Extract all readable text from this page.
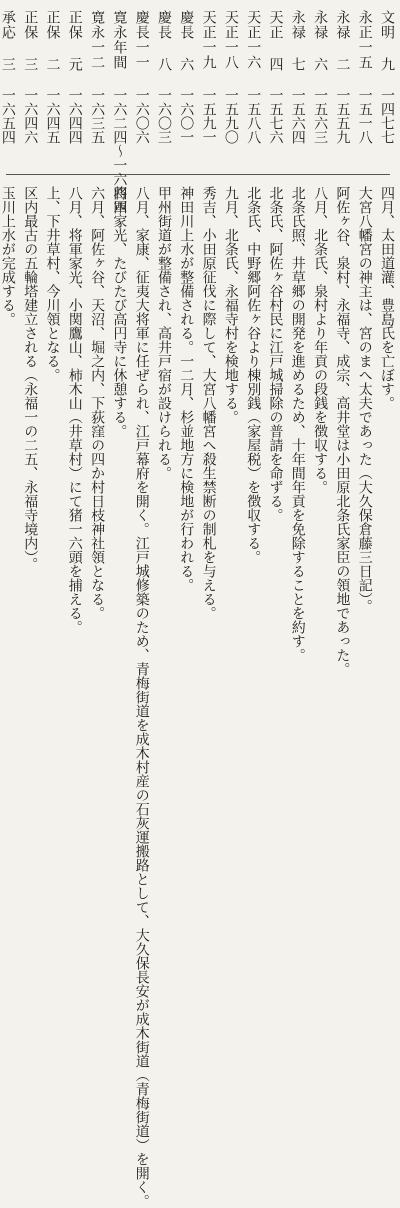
文明 九
一四七七
四月、太田道灌、豊島氏を亡ぼす。
永正一五
一五一八
大宮八幡宮の神主は、宮のまへ太夫であった（大久保倉藤三日記）。
永禄 二
一五五九
阿佐ヶ谷、泉村、永福寺、成宗、高井堂は小田原北条氏家臣の領地であった。
永禄 六
一五六三
八月、北条氏、泉村より年貢の段銭を徴収する。
永禄 七
一五六四
北条氏照、井草郷の開発を進めるため、十年間年貢を免除することを約す。
天正 四
一五七六
北条氏、阿佐ヶ谷村民に江戸城掃除の普請を命ずる。
天正一六
一五八八
北条氏、中野郷阿佐ヶ谷より棟別銭（家屋税）を徴収する。
天正一八
一五九〇
九月、北条氏、永福寺村を検地する。
天正一九
一五九一
秀吉、小田原征伐に際して、大宮八幡宮へ殺生禁断の制札を与える。
慶長 六
一六〇一
神田川上水が整備される。一二月、杉並地方に検地が行われる。
慶長 八
一六〇三
甲州街道が整備され、高井戸宿が設けられる。
慶長一一
一六〇六
八月、家康、征夷大将軍に任ぜられ、江戸幕府を開く。江戸城修築のため、青梅街道を成木村産の石灰運搬路として、大久保長安が成木街道（青梅街道）を開く。
寛永年間
一六二四〜一六四四
将軍家光、たびたび高円寺に休憩する。
寛永一二
一六三五
六月、阿佐ヶ谷、天沼、堀之内、下荻窪の四か村日枝神社領となる。
正保 元
一六四四
八月、将軍家光、小関鷹山、柿木山（井草村）にて猪一六頭を捕える。
正保 二
一六四五
上、下井草村、今川領となる。
正保 三
一六四六
区内最古の五輪塔建立される（永福一の二五、永福寺境内）。
承応 三
一六五四
玉川上水が完成する。
